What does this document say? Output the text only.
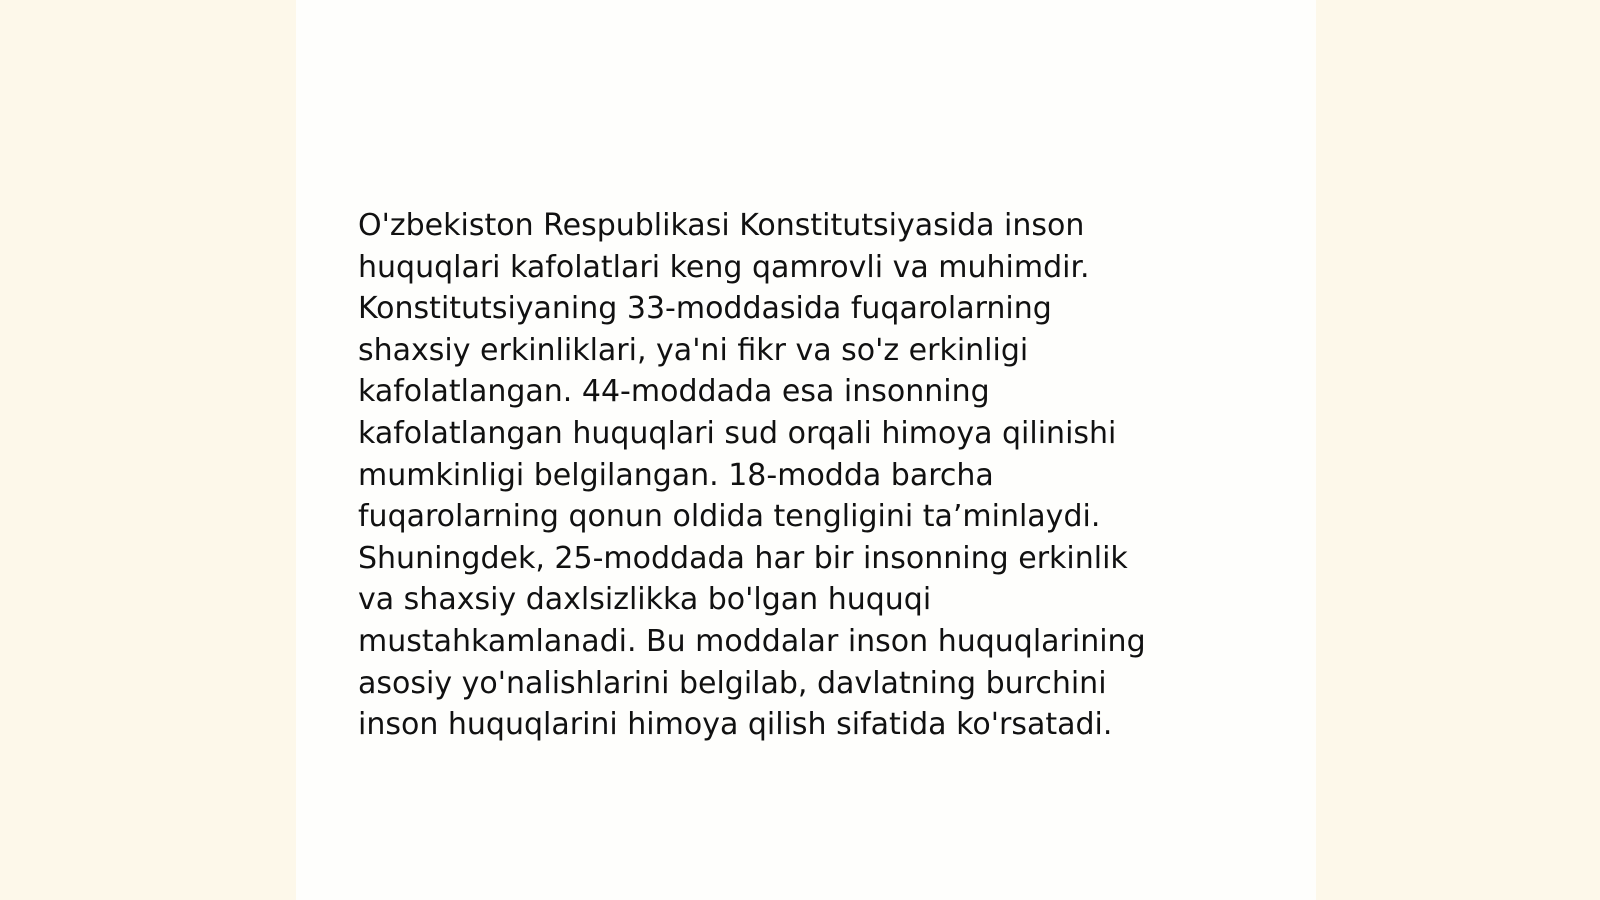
O'zbekiston Respublikasi Konstitutsiyasida inson
huquqlari kafolatlari keng qamrovli va muhimdir.
Konstitutsiyaning 33-moddasida fuqarolarning
shaxsiy erkinliklari, ya'ni fikr va so'z erkinligi
kafolatlangan. 44-moddada esa insonning
kafolatlangan huquqlari sud orqali himoya qilinishi
mumkinligi belgilangan. 18-modda barcha
fuqarolarning qonun oldida tengligini ta’minlaydi.
Shuningdek, 25-moddada har bir insonning erkinlik
va shaxsiy daxlsizlikka bo'lgan huquqi
mustahkamlanadi. Bu moddalar inson huquqlarining
asosiy yo'nalishlarini belgilab, davlatning burchini
inson huquqlarini himoya qilish sifatida ko'rsatadi.
